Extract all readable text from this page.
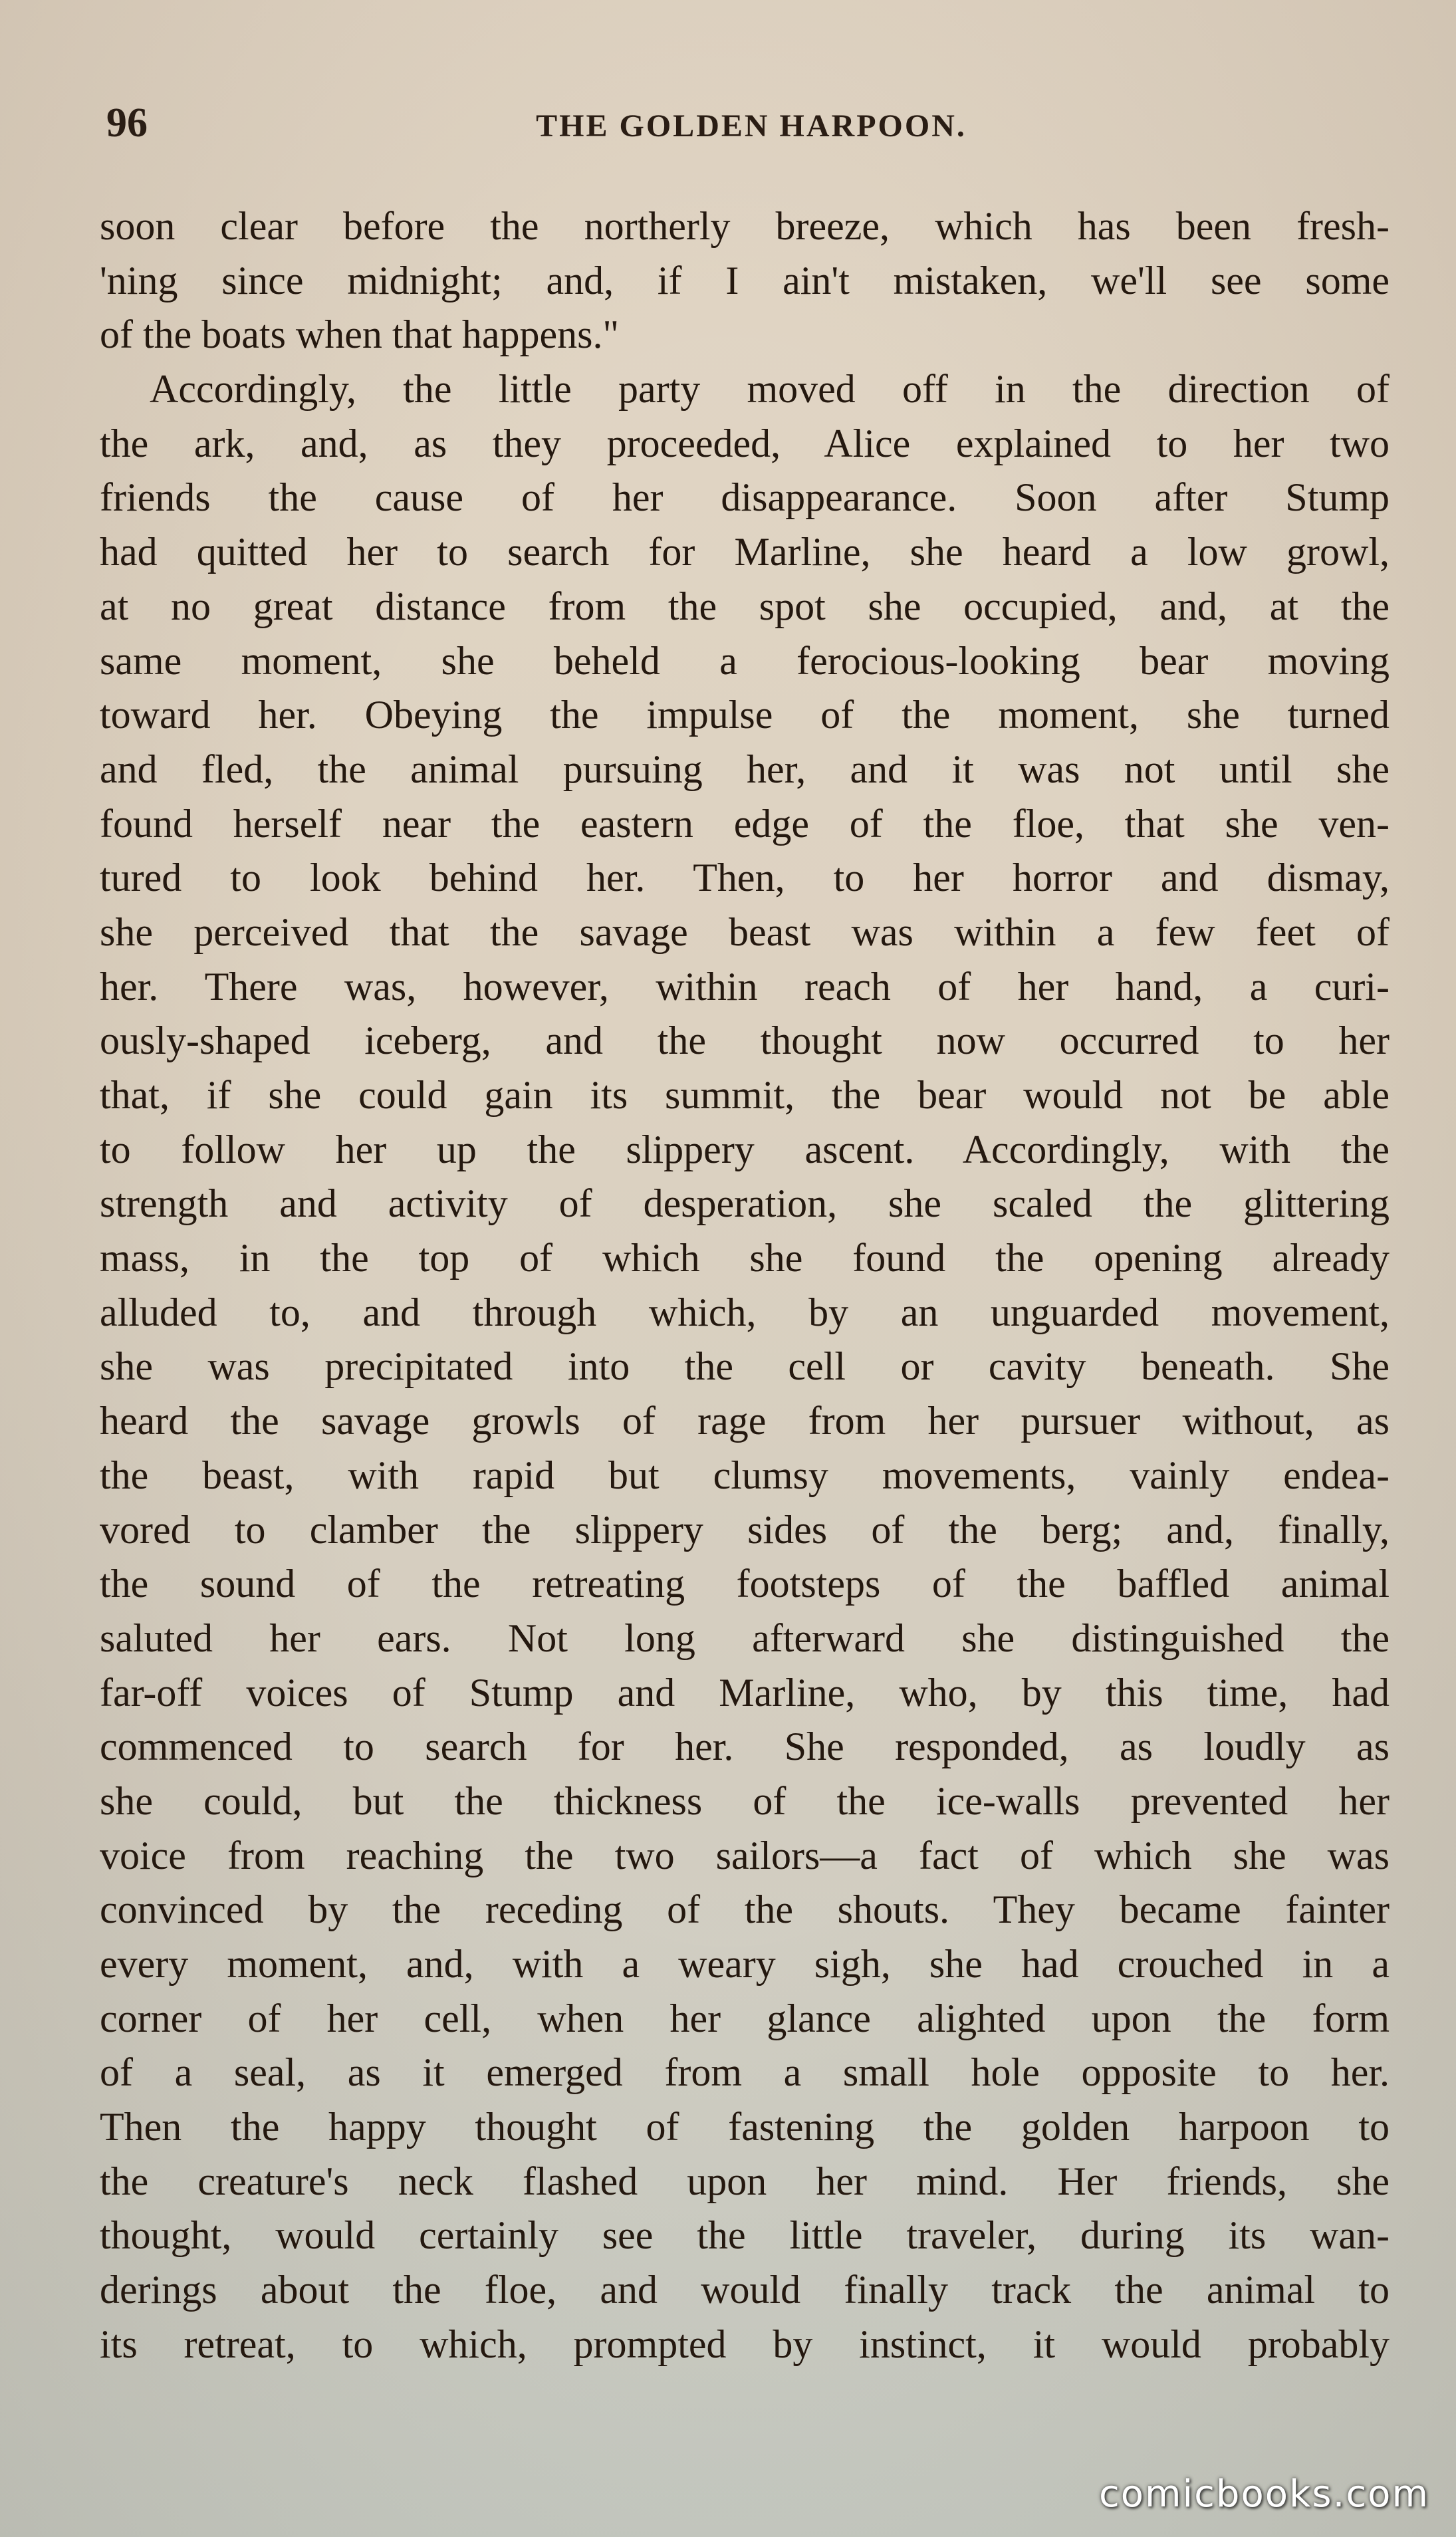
96	THE GOLDEN HARPOON.
soon clear before the northerly breeze, which has been fresh-
'ning since midnight; and, if I ain't mistaken, we'll see some
of the boats when that happens."
Accordingly, the little party moved off in the direction of
the ark, and, as they proceeded, Alice explained to her two
friends the cause of her disappearance. Soon after Stump
had quitted her to search for Marline, she heard a low growl,
at no great distance from the spot she occupied, and, at the
same moment, she beheld a ferocious-looking bear moving
toward her. Obeying the impulse of the moment, she turned
and fled, the animal pursuing her, and it was not until she
found herself near the eastern edge of the floe, that she ven-
tured to look behind her. Then, to her horror and dismay,
she perceived that the savage beast was within a few feet of
her. There was, however, within reach of her hand, a curi-
ously-shaped iceberg, and the thought now occurred to her
that, if she could gain its summit, the bear would not be able
to follow her up the slippery ascent. Accordingly, with the
strength and activity of desperation, she scaled the glittering
mass, in the top of which she found the opening already
alluded to, and through which, by an unguarded movement,
she was precipitated into the cell or cavity beneath. She
heard the savage growls of rage from her pursuer without, as
the beast, with rapid but clumsy movements, vainly endea-
vored to clamber the slippery sides of the berg; and, finally,
the sound of the retreating footsteps of the baffled animal
saluted her ears. Not long afterward she distinguished the
far-off voices of Stump and Marline, who, by this time, had
commenced to search for her. She responded, as loudly as
she could, but the thickness of the ice-walls prevented her
voice from reaching the two sailors—a fact of which she was
convinced by the receding of the shouts. They became fainter
every moment, and, with a weary sigh, she had crouched in a
corner of her cell, when her glance alighted upon the form
of a seal, as it emerged from a small hole opposite to her.
Then the happy thought of fastening the golden harpoon to
the creature's neck flashed upon her mind. Her friends, she
thought, would certainly see the little traveler, during its wan-
derings about the floe, and would finally track the animal to
its retreat, to which, prompted by instinct, it would probably
comicbooks.com
